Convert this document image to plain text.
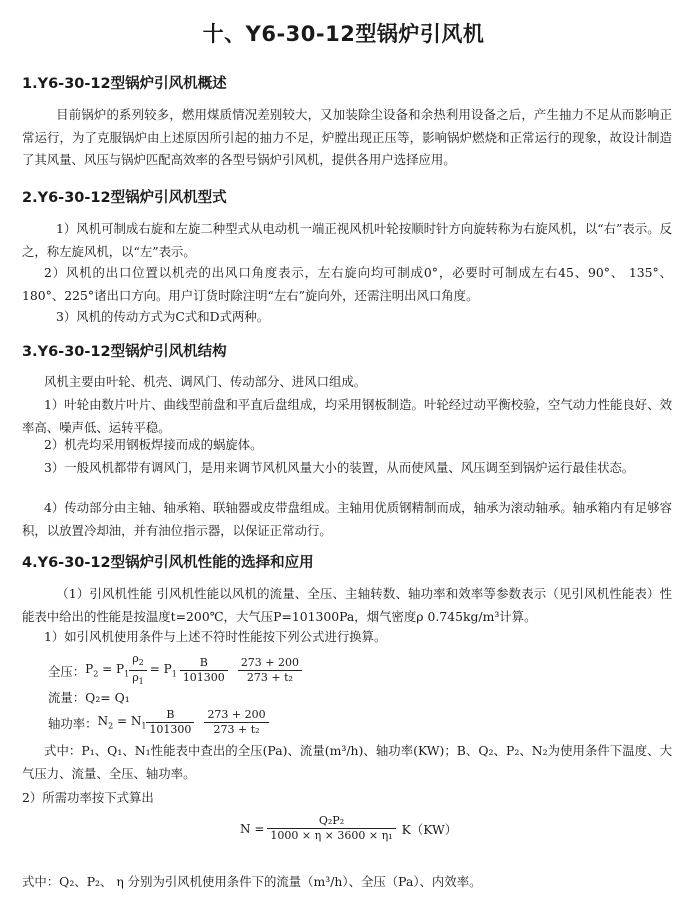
十、Y6-30-12型锅炉引风机
1.Y6-30-12型锅炉引风机概述
目前锅炉的系列较多，燃用煤质情况差别较大，又加装除尘设备和余热利用设备之后，产生抽力不足从而影响正常运行，为了克服锅炉由上述原因所引起的抽力不足，炉膛出现正压等，影响锅炉燃烧和正常运行的现象，故设计制造了其风量、风压与锅炉匹配高效率的各型号锅炉引风机，提供各用户选择应用。
2.Y6-30-12型锅炉引风机型式
1）风机可制成右旋和左旋二种型式从电动机一端正视风机叶轮按顺时针方向旋转称为右旋风机，以“右”表示。反之，称左旋风机，以“左”表示。
2）风机的出口位置以机壳的出风口角度表示，左右旋向均可制成0°，必要时可制成左右45、90°、 135°、180°、225°诸出口方向。用户订货时除注明“左右”旋向外，还需注明出风口角度。
3）风机的传动方式为C式和D式两种。
3.Y6-30-12型锅炉引风机结构
风机主要由叶轮、机壳、调风门、传动部分、进风口组成。
1）叶轮由数片叶片、曲线型前盘和平直后盘组成，均采用钢板制造。叶轮经过动平衡校验，空气动力性能良好、效率高、噪声低、运转平稳。
2）机壳均采用钢板焊接而成的蜗旋体。
3）一般风机都带有调风门，是用来调节风机风量大小的装置，从而使风量、风压调至到锅炉运行最佳状态。
4）传动部分由主轴、轴承箱、联轴器或皮带盘组成。主轴用优质钢精制而成，轴承为滚动轴承。轴承箱内有足够容积，以放置冷却油，并有油位指示器，以保证正常动行。
4.Y6-30-12型锅炉引风机性能的选择和应用
（1）引风机性能 引风机性能以风机的流量、全压、主轴转数、轴功率和效率等参数表示（见引风机性能表）性能表中给出的性能是按温度t=200℃，大气压P=101300Pa，烟气密度ρ 0.745kg/m³计算。
1）如引风机使用条件与上述不符时性能按下列公式进行换算。
全压： $P_2 = P_1 \frac{\rho_2}{\rho_1} = P_1 \frac{B}{101300} \frac{273 + 200}{\text{273 + t₂}}$
流量：Q₂= Q₁
轴功率： $N_2 = N_1 \frac{B}{101300} \frac{273 + 200}{\text{273 + t₂}}$
式中：P₁、Q₁、N₁性能表中查出的全压(Pa)、流量(m³/h)、轴功率(KW)；B、Q₂、P₂、N₂为使用条件下温度、大气压力、流量、全压、轴功率。
2）所需功率按下式算出
$N = \frac{\text{Q₂P₂}}{\text{1000 × η × 3600 × η₁}} K(KW)$
式中：Q₂、P₂、 η 分别为引风机使用条件下的流量（m³/h）、全压（Pa）、内效率。
